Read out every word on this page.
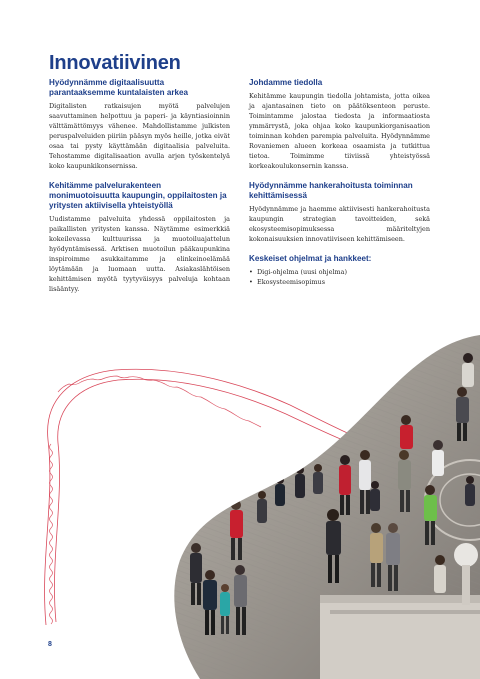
Innovatiivinen
Hyödynnämme digitaalisuutta parantaaksemme kuntalaisten arkea

Digitalisten ratkaisujen myötä palvelujen saavuttaminen helpottuu ja paperi- ja käyntiasioinnin välttämättömyys vähenee. Mahdollistamme julkisten peruspalveluiden piiriin pääsyn myös heille, jotka eivät osaa tai pysty käyttämään digitaalisia palveluita. Tehostamme digitalisaation avulla arjen työskentelyä koko kaupunkikonsernissa.

Kehitämme palvelurakenteen monimuotoisuutta kaupungin, oppilaitosten ja yritysten aktiivisella yhteistyöllä

Uudistamme palveluita yhdessä oppilaitosten ja paikallisten yritysten kanssa. Näytämme esimerkkiä kokeilevassa kulttuurissa ja muotoiluajattelun hyödyntämisessä. Arktisen muotoilun pääkaupunkina inspiroimme asukkaitamme ja elinkeinoelämää löytämään ja luomaan uutta. Asiakaslähtöisen kehittämisen myötä tyytyväisyys palveluja kohtaan lisääntyy.

Johdamme tiedolla

Kehitämme kaupungin tiedolla johtamista, jotta oikea ja ajantasainen tieto on päätöksenteon peruste. Toimintamme jalostaa tiedosta ja informaatiosta ymmärrystä, joka ohjaa koko kaupunkiorganisaation toiminnan kohden parempia palveluita. Hyödynnämme Rovaniemen alueen korkeaa osaamista ja tutkittua tietoa. Toimimme tiiviissä yhteistyössä korkeakoulukonsernin kanssa.

Hyödynnämme hankerahoitusta toiminnan kehittämisessä

Hyödynnämme ja haemme aktiivisesti hankerahoitusta kaupungin strategian tavoitteiden, sekä ekosysteemisopimuksessa määriteltyjen kokonaisuuksien innovatiiviseen kehittämiseen.

Keskeiset ohjelmat ja hankkeet:
• Digi-ohjelma (uusi ohjelma)
• Ekosysteemisopimus
8
